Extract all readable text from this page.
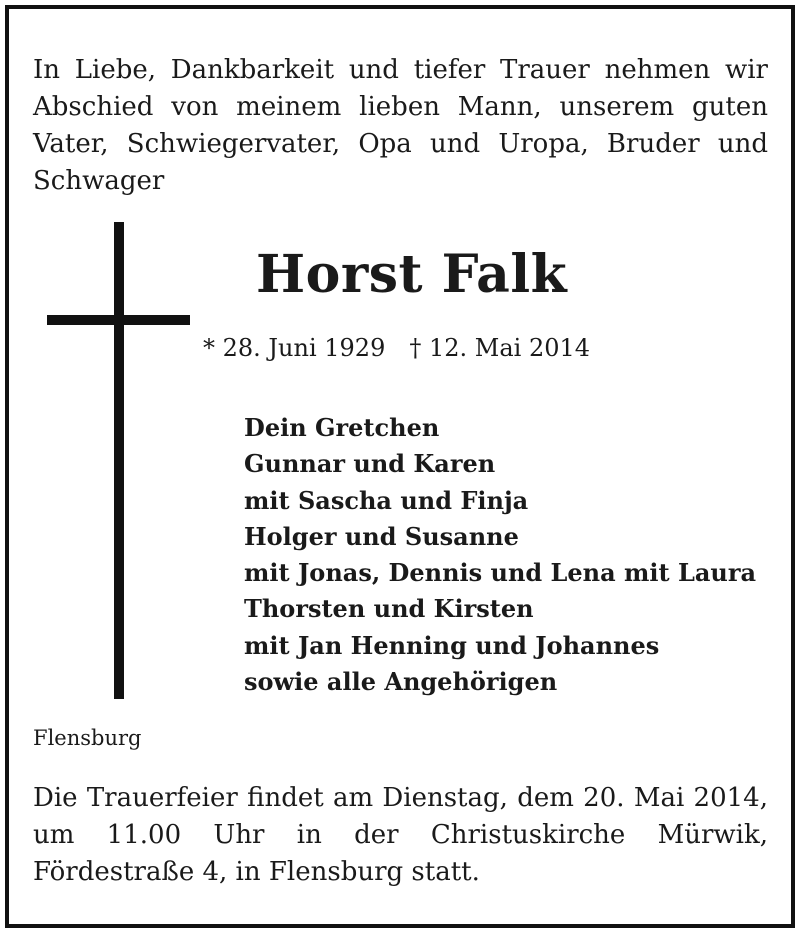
In Liebe, Dankbarkeit und tiefer Trauer nehmen wir Abschied von meinem lieben Mann, unserem guten Vater, Schwiegervater, Opa und Uropa, Bruder und Schwager

Horst Falk
* 28. Juni 1929 † 12. Mai 2014
Dein Gretchen
Gunnar und Karen
mit Sascha und Finja
Holger und Susanne
mit Jonas, Dennis und Lena mit Laura
Thorsten und Kirsten
mit Jan Henning und Johannes
sowie alle Angehörigen
Flensburg

Die Trauerfeier findet am Dienstag, dem 20. Mai 2014, um 11.00 Uhr in der Christuskirche Mürwik, Fördestraße 4, in Flensburg statt.
